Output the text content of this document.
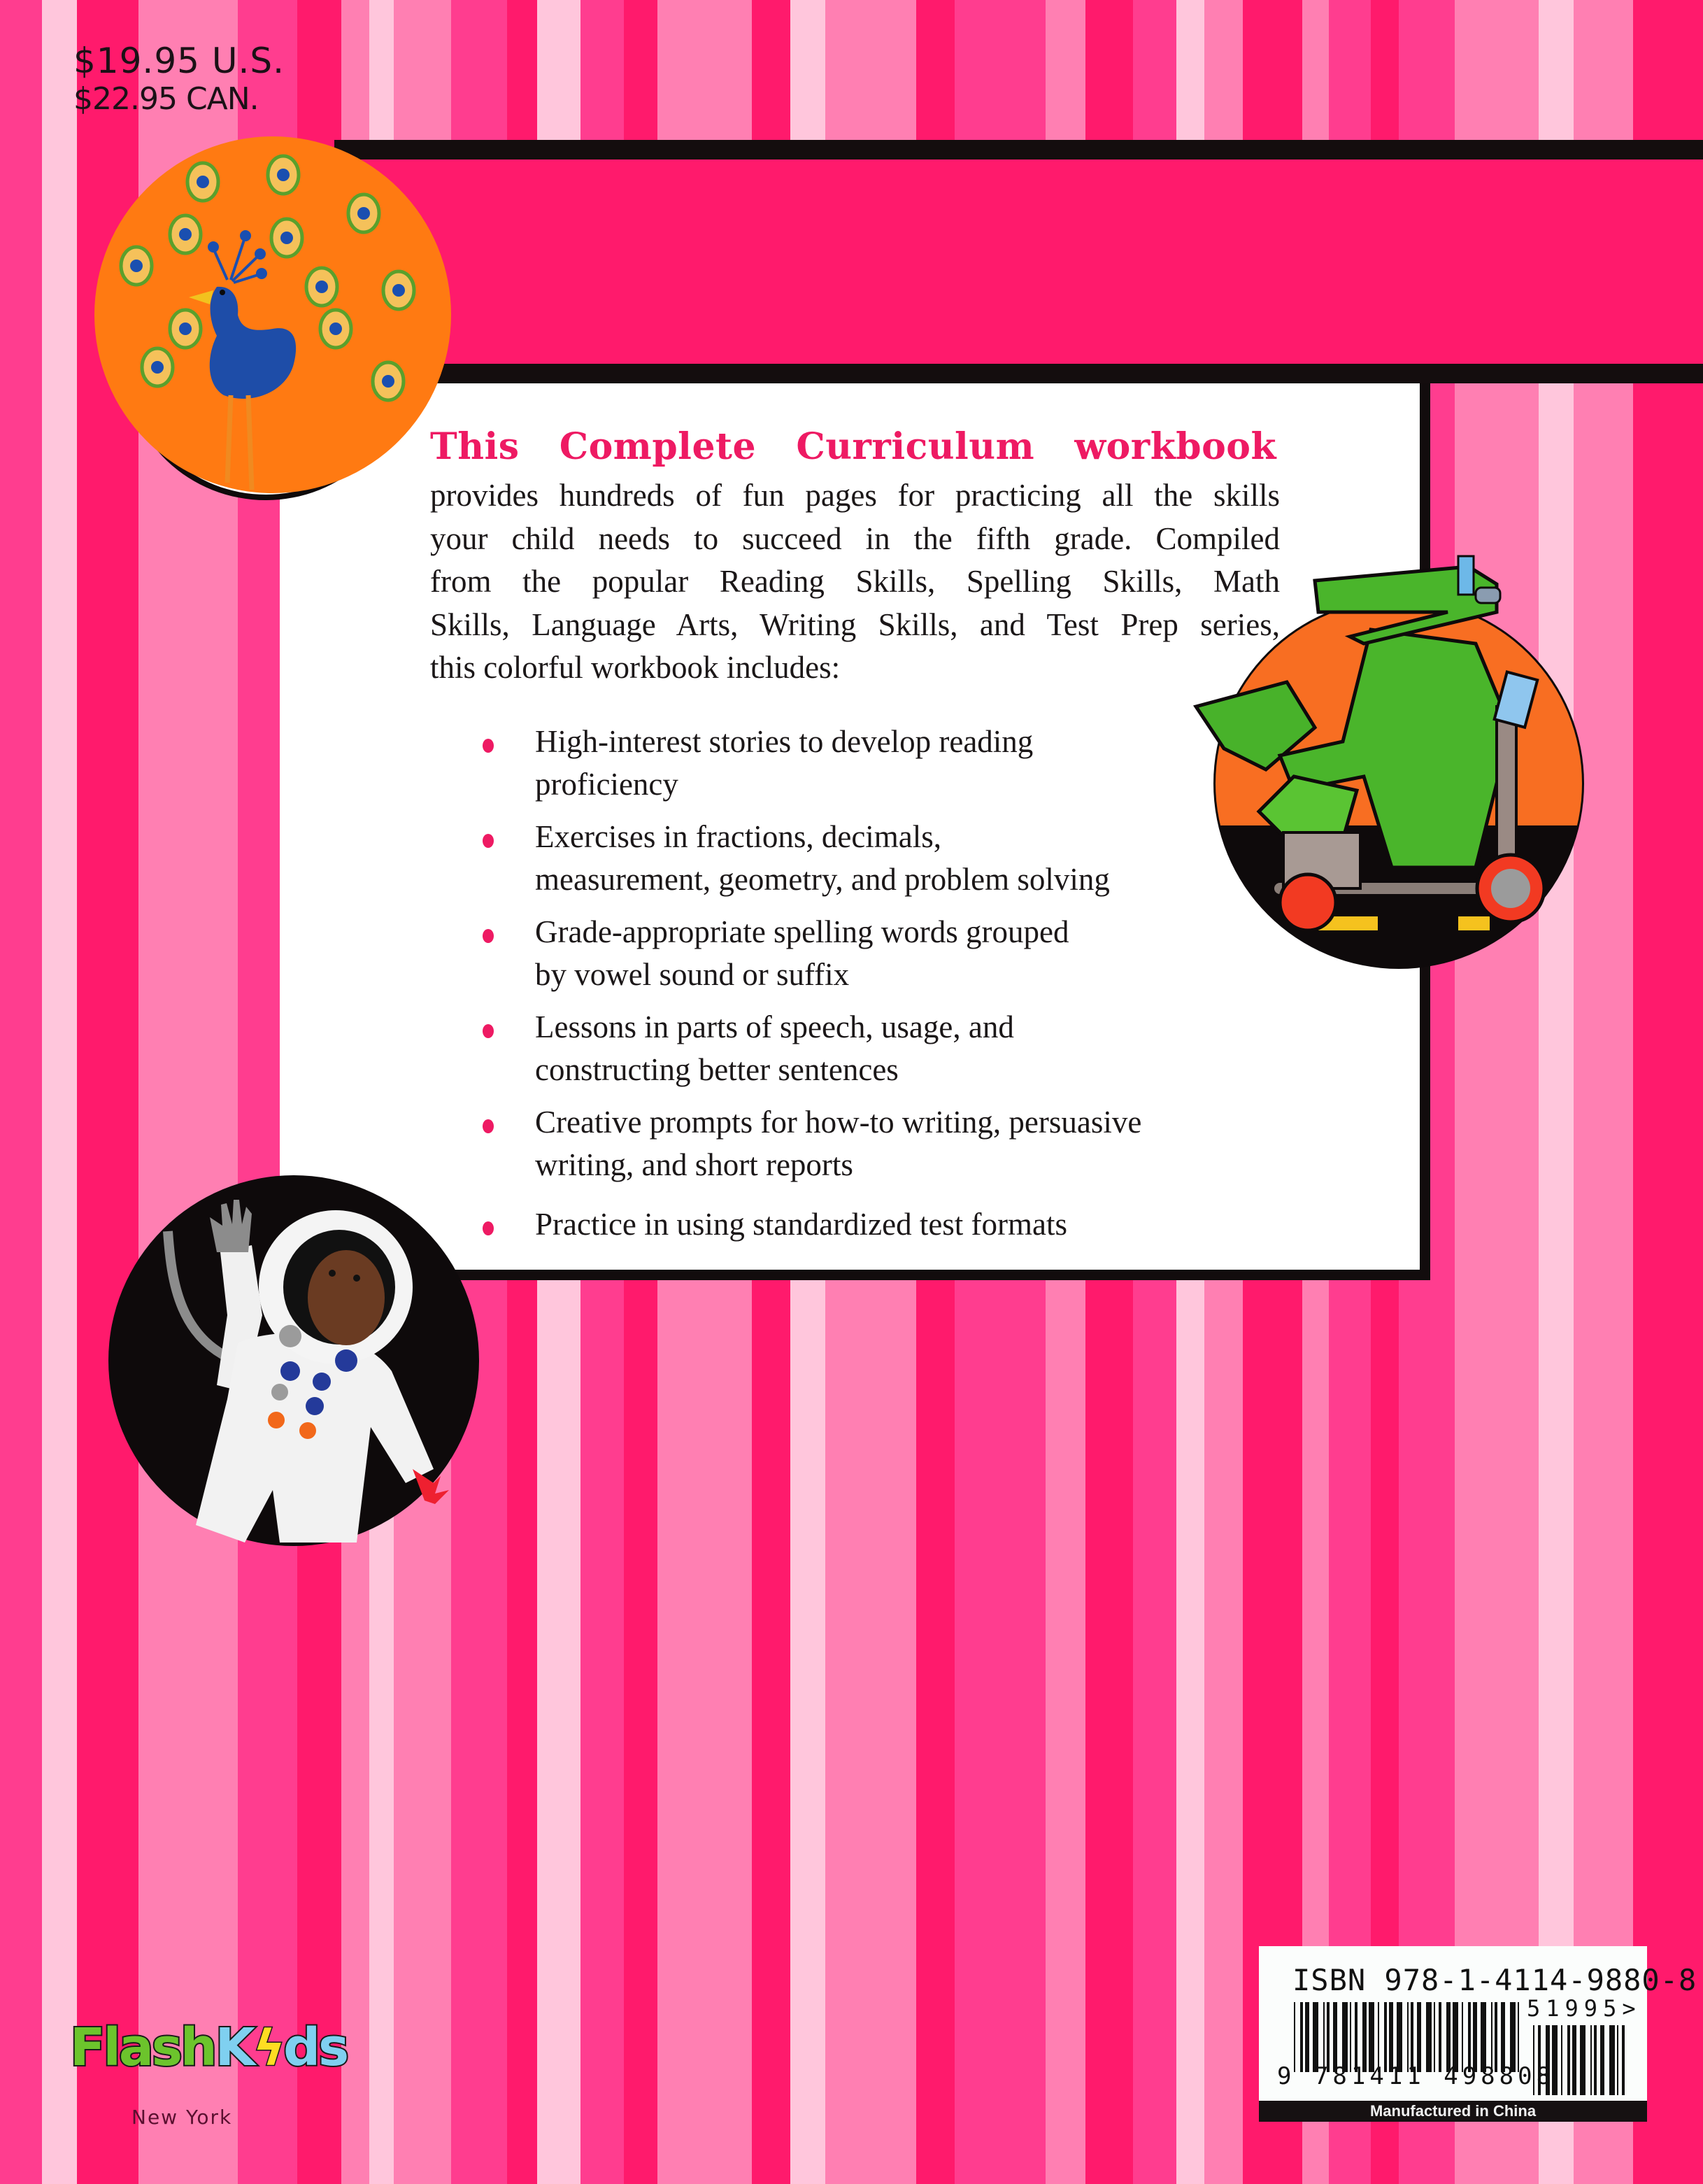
$19.95 U.S.
$22.95 CAN.
This Complete Curriculum workbook
provides hundreds of fun pages for practicing all the skills
your child needs to succeed in the fifth grade. Compiled
from the popular Reading Skills, Spelling Skills, Math
Skills, Language Arts, Writing Skills, and Test Prep series,
this colorful workbook includes:
High-interest stories to develop reading
proficiency
Exercises in fractions, decimals,
measurement, geometry, and problem solving
Grade-appropriate spelling words grouped
by vowel sound or suffix
Lessons in parts of speech, usage, and
constructing better sentences
Creative prompts for how-to writing, persuasive
writing, and short reports
Practice in using standardized test formats
ISBN 978-1-4114-9880-8
51995>
9 781411 498808
Manufactured in China
FlashKϟds
New York
